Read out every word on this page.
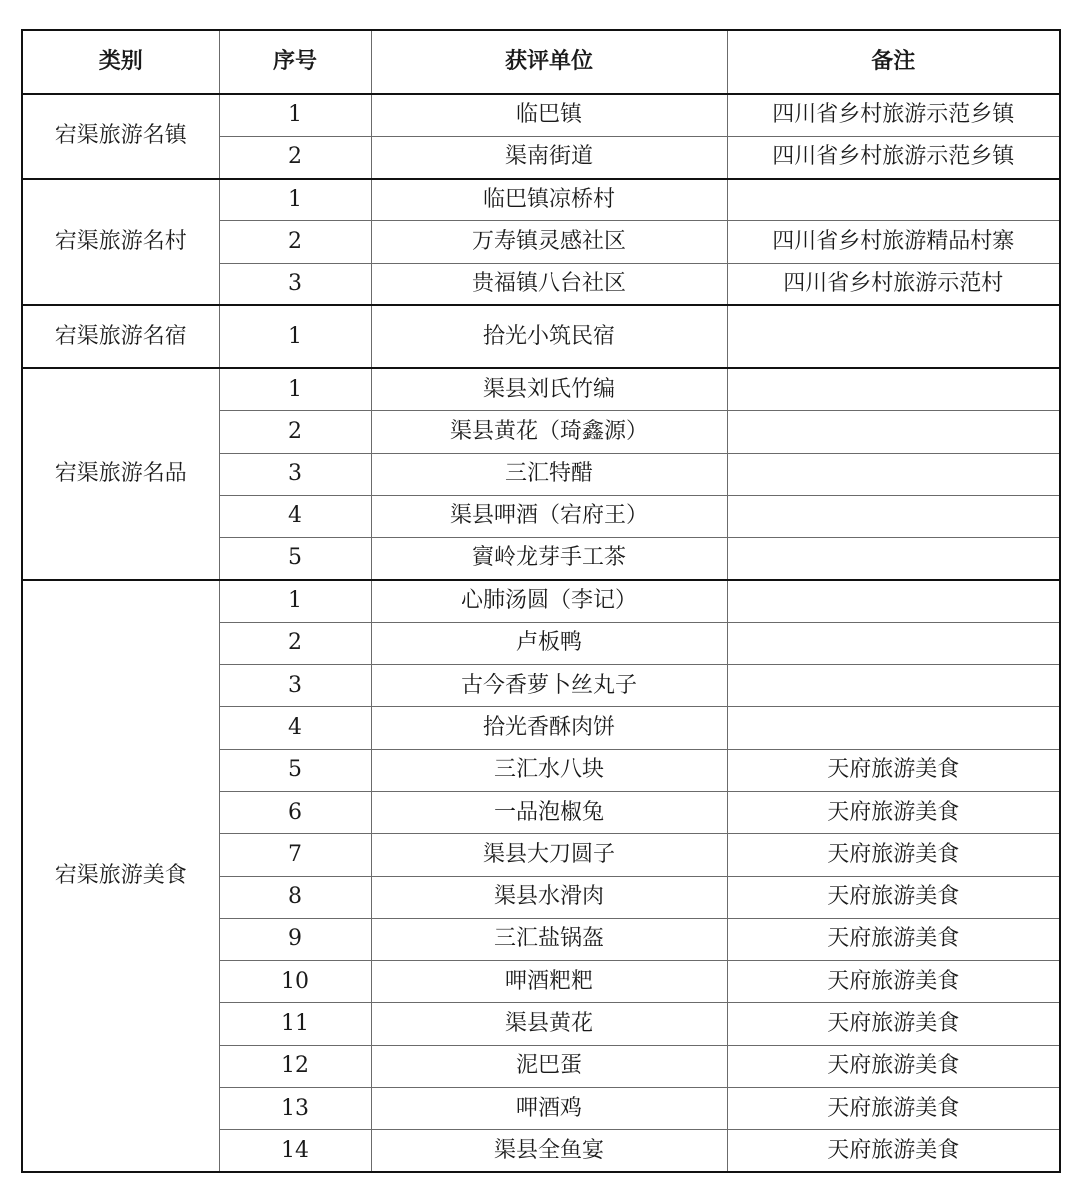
类别	序号	获评单位	备注
宕渠旅游名镇	1	临巴镇	四川省乡村旅游示范乡镇
	2	渠南街道	四川省乡村旅游示范乡镇
宕渠旅游名村	1	临巴镇凉桥村	
	2	万寿镇灵感社区	四川省乡村旅游精品村寨
	3	贵福镇八台社区	四川省乡村旅游示范村
宕渠旅游名宿	1	拾光小筑民宿	
宕渠旅游名品	1	渠县刘氏竹编	
	2	渠县黄花（琦鑫源）	
	3	三汇特醋	
	4	渠县呷酒（宕府王）	
	5	賨岭龙芽手工茶	
宕渠旅游美食	1	心肺汤圆（李记）	
	2	卢板鸭	
	3	古今香萝卜丝丸子	
	4	拾光香酥肉饼	
	5	三汇水八块	天府旅游美食
	6	一品泡椒兔	天府旅游美食
	7	渠县大刀圆子	天府旅游美食
	8	渠县水滑肉	天府旅游美食
	9	三汇盐锅盔	天府旅游美食
	10	呷酒粑粑	天府旅游美食
	11	渠县黄花	天府旅游美食
	12	泥巴蛋	天府旅游美食
	13	呷酒鸡	天府旅游美食
	14	渠县全鱼宴	天府旅游美食
